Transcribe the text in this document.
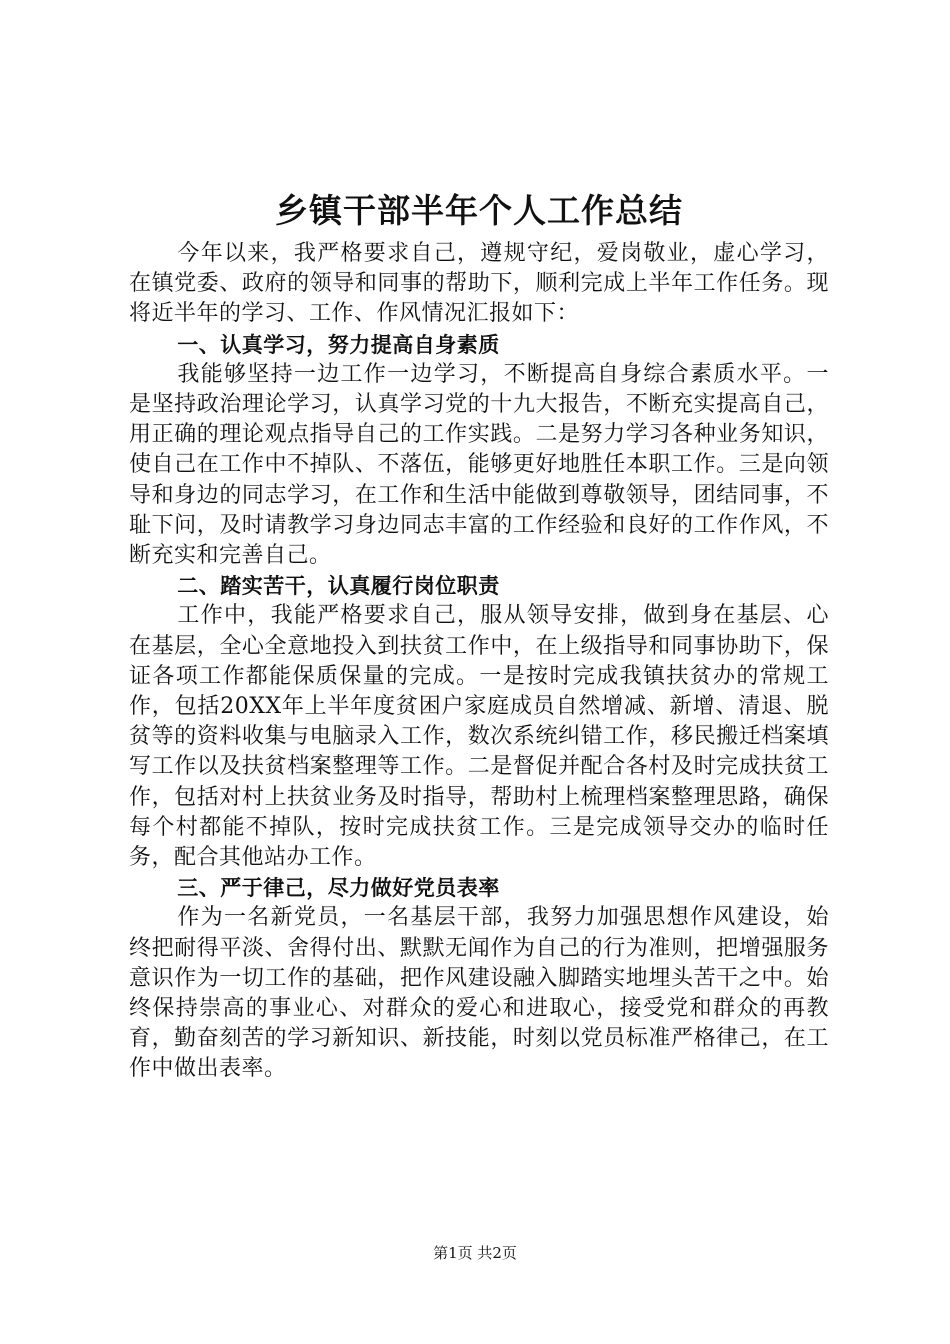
乡镇干部半年个人工作总结

今年以来，我严格要求自己，遵规守纪，爱岗敬业，虚心学习，在镇党委、政府的领导和同事的帮助下，顺利完成上半年工作任务。现将近半年的学习、工作、作风情况汇报如下：

一、认真学习，努力提高自身素质

我能够坚持一边工作一边学习，不断提高自身综合素质水平。一是坚持政治理论学习，认真学习党的十九大报告，不断充实提高自己，用正确的理论观点指导自己的工作实践。二是努力学习各种业务知识，使自己在工作中不掉队、不落伍，能够更好地胜任本职工作。三是向领导和身边的同志学习，在工作和生活中能做到尊敬领导，团结同事，不耻下问，及时请教学习身边同志丰富的工作经验和良好的工作作风，不断充实和完善自己。

二、踏实苦干，认真履行岗位职责

工作中，我能严格要求自己，服从领导安排，做到身在基层、心在基层，全心全意地投入到扶贫工作中，在上级指导和同事协助下，保证各项工作都能保质保量的完成。一是按时完成我镇扶贫办的常规工作，包括20XX年上半年度贫困户家庭成员自然增减、新增、清退、脱贫等的资料收集与电脑录入工作，数次系统纠错工作，移民搬迁档案填写工作以及扶贫档案整理等工作。二是督促并配合各村及时完成扶贫工作，包括对村上扶贫业务及时指导，帮助村上梳理档案整理思路，确保每个村都能不掉队，按时完成扶贫工作。三是完成领导交办的临时任务，配合其他站办工作。

三、严于律己，尽力做好党员表率

作为一名新党员，一名基层干部，我努力加强思想作风建设，始终把耐得平淡、舍得付出、默默无闻作为自己的行为准则，把增强服务意识作为一切工作的基础，把作风建设融入脚踏实地埋头苦干之中。始终保持崇高的事业心、对群众的爱心和进取心，接受党和群众的再教育，勤奋刻苦的学习新知识、新技能，时刻以党员标准严格律己，在工作中做出表率。

第1页 共2页
